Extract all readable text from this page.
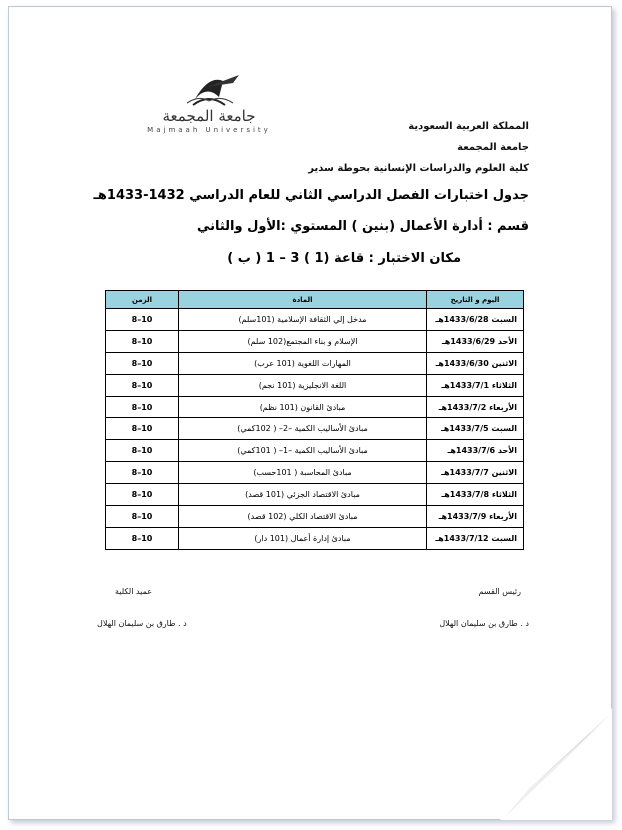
جامعة المجمعة
Majmaah University	المملكة العربية السعودية
جامعة المجمعة
كلية العلوم والدراسات الإنسانية بحوطة سدير
جدول اختبارات الفصل الدراسي الثاني للعام الدراسي 1432-1433هـ
قسم : أدارة الأعمال (بنين ) المستوي :الأول والثاني
مكان الاختبار : قاعة (1 ) 3 – 1 ( ب )
اليوم و التاريخ	المادة	الزمن
السبت 1433/6/28هـ	مدخل إلي الثقافة الإسلامية (101سلم)	10–8
الأحد 1433/6/29هـ	الإسلام و بناء المجتمع(102 سلم)	10–8
الاثنين 1433/6/30هـ	المهارات اللغوية (101 عرب)	10–8
الثلاثاء 1433/7/1هـ	اللغة الانجليزية (101 نجم)	10–8
الأربعاء 1433/7/2هـ	مبادئ القانون (101 نظم)	10–8
السبت 1433/7/5هـ	مبادئ الأساليب الكمية –2– ( 102كمي)	10–8
الأحد 1433/7/6هـ	مبادئ الأساليب الكمية –1– ( 101كمي)	10–8
الاثنين 1433/7/7هـ	مبادئ المحاسبة ( 101حسب)	10–8
الثلاثاء 1433/7/8هـ	مبادئ الاقتصاد الجزئي (101 قصد)	10–8
الأربعاء 1433/7/9هـ	مبادئ الاقتصاد الكلي (102 قصد)	10–8
السبت 1433/7/12هـ	مبادئ إدارة أعمال (101 دار)	10–8
رئيس القسم
د . طارق بن سليمان الهلال
عميد الكلية
د . طارق بن سليمان الهلال
